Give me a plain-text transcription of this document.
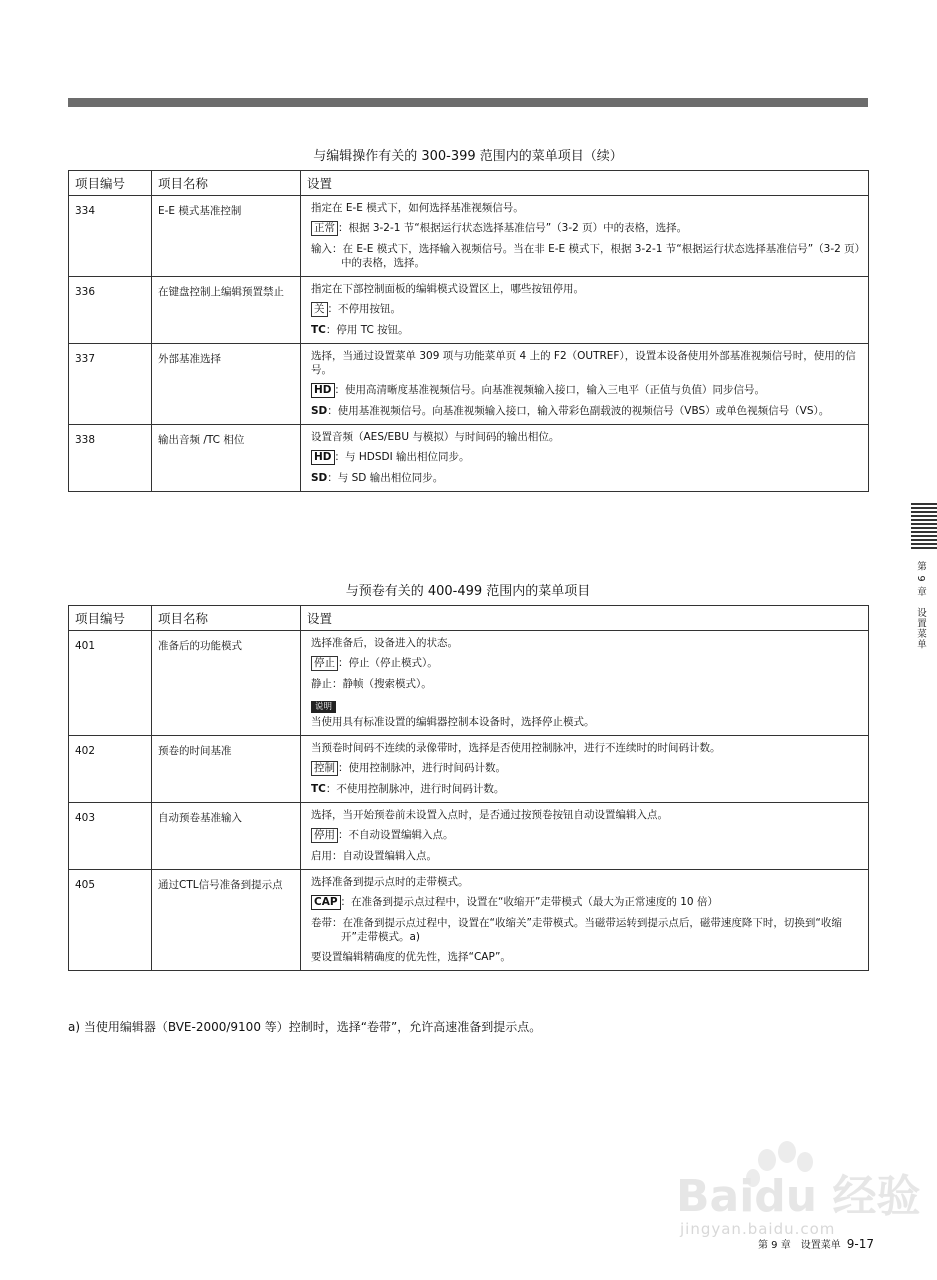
与编辑操作有关的 300-399 范围内的菜单项目（续）
项目编号	项目名称	设置
334	E-E 模式基准控制	指定在 E-E 模式下，如何选择基准视频信号。
正常 ：根据 3-2-1 节“根据运行状态选择基准信号”（3-2 页）中的表格，选择。
输入：在 E-E 模式下，选择输入视频信号。当在非 E-E 模式下，根据 3-2-1 节“根据运行状态选择基准信号”（3-2 页）中的表格，选择。

336	在键盘控制上编辑预置禁止	指定在下部控制面板的编辑模式设置区上，哪些按钮停用。
关 ：不停用按钮。
TC：停用 TC 按钮。

337	外部基准选择	选择，当通过设置菜单 309 项与功能菜单页 4 上的 F2（OUTREF），设置本设备使用外部基准视频信号时，使用的信号。
HD ：使用高清晰度基准视频信号。向基准视频输入接口，输入三电平（正值与负值）同步信号。
SD：使用基准视频信号。向基准视频输入接口，输入带彩色副载波的视频信号（VBS）或单色视频信号（VS）。

338	输出音频 /TC 相位	设置音频（AES/EBU 与模拟）与时间码的输出相位。
HD ：与 HDSDI 输出相位同步。
SD：与 SD 输出相位同步。
与预卷有关的 400-499 范围内的菜单项目
项目编号	项目名称	设置
401	准备后的功能模式	选择准备后，设备进入的状态。
停止 ：停止（停止模式）。
静止：静帧（搜索模式）。
说明
当使用具有标准设置的编辑器控制本设备时，选择停止模式。

402	预卷的时间基准	当预卷时间码不连续的录像带时，选择是否使用控制脉冲，进行不连续时的时间码计数。
控制 ：使用控制脉冲，进行时间码计数。
TC：不使用控制脉冲，进行时间码计数。

403	自动预卷基准输入	选择，当开始预卷前未设置入点时，是否通过按预卷按钮自动设置编辑入点。
停用 ：不自动设置编辑入点。
启用：自动设置编辑入点。

405	通过CTL信号准备到提示点	选择准备到提示点时的走带模式。
CAP ：在准备到提示点过程中，设置在“收缩开”走带模式（最大为正常速度的 10 倍）
卷带：在准备到提示点过程中，设置在“收缩关”走带模式。当磁带运转到提示点后，磁带速度降下时，切换到“收缩开”走带模式。a)
要设置编辑精确度的优先性，选择“CAP”。
a) 当使用编辑器（BVE-2000/9100 等）控制时，选择“卷带”，允许高速准备到提示点。
第 9 章　设置菜单
Baidu 经验
jingyan.baidu.com
第 9 章　设置菜单 9-17
